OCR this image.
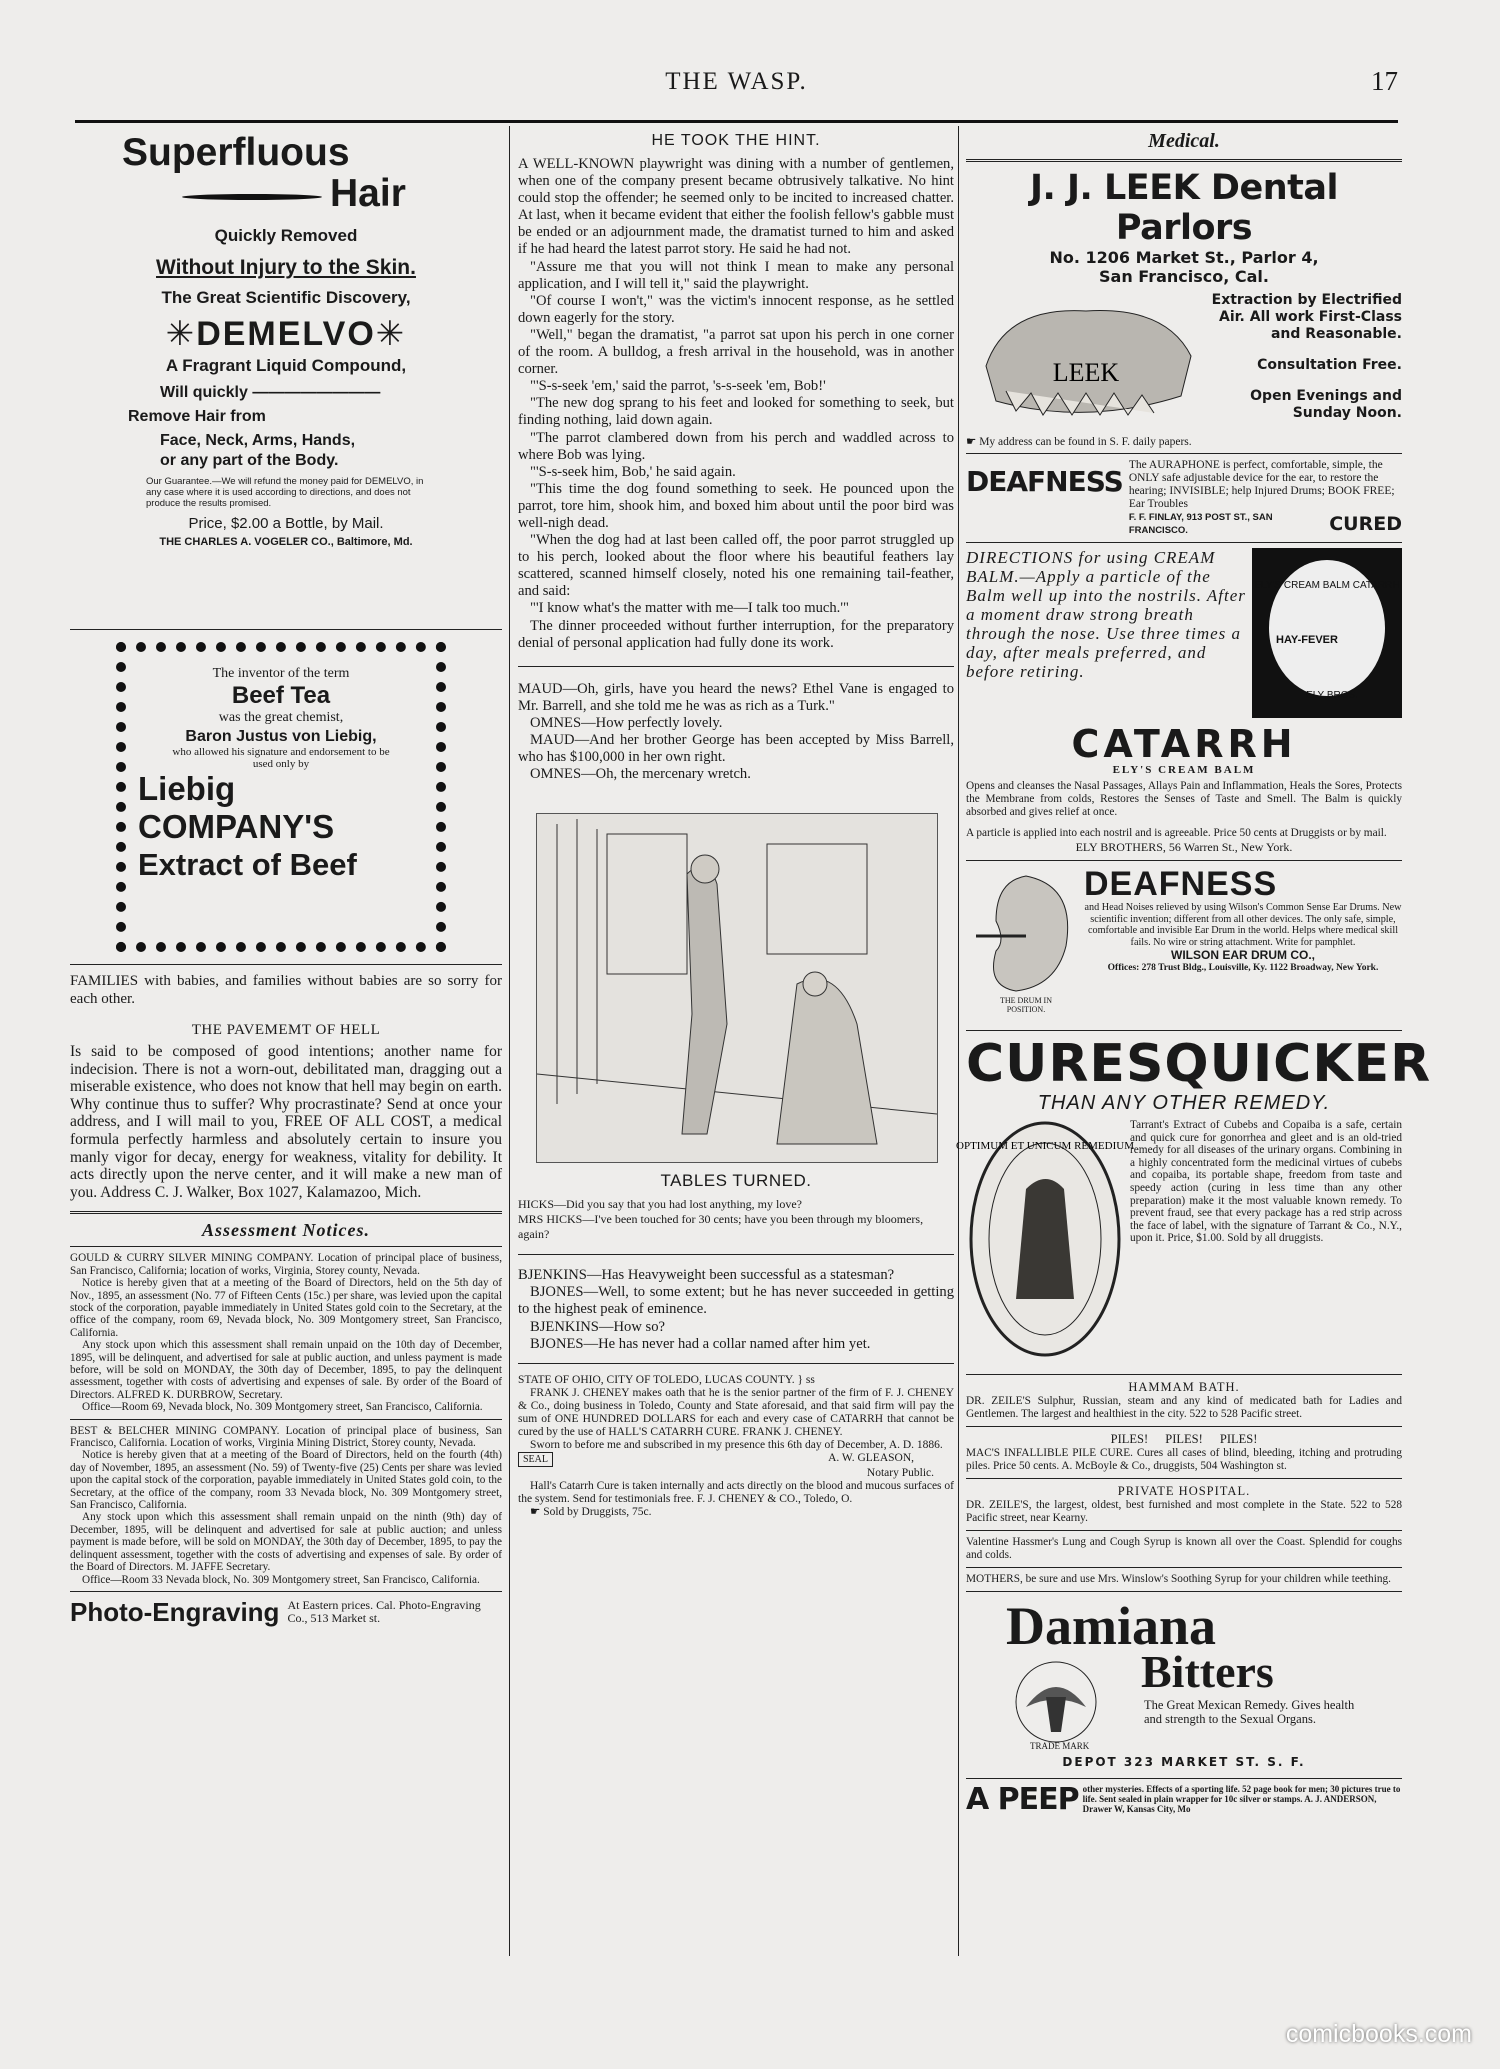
THE WASP.	17
Superfluous
Hair
Quickly Removed
Without Injury to the Skin.
The Great Scientific Discovery,
✳DEMELVO✳
A Fragrant Liquid Compound,
Will quickly ————————
Remove Hair from
Face, Neck, Arms, Hands,
or any part of the Body.
Our Guarantee.—We will refund the money paid for DEMELVO, in any case where it is used according to directions, and does not produce the results promised.
Price, $2.00 a Bottle, by Mail.
THE CHARLES A. VOGELER CO., Baltimore, Md.
The inventor of the term
Beef Tea
was the great chemist,
Baron Justus von Liebig,
who allowed his signature and endorsement to be used only by
Liebig
COMPANY'S
Extract of Beef

FAMILIES with babies, and families without babies are so sorry for each other.

THE PAVEMEMT OF HELL

Is said to be composed of good intentions; another name for indecision. There is not a worn-out, debilitated man, dragging out a miserable existence, who does not know that hell may begin on earth. Why continue thus to suffer? Why procrastinate? Send at once your address, and I will mail to you, FREE OF ALL COST, a medical formula perfectly harmless and absolutely certain to insure you manly vigor for decay, energy for weakness, vitality for debility. It acts directly upon the nerve center, and it will make a new man of you. Address C. J. Walker, Box 1027, Kalamazoo, Mich.

Assessment Notices.

GOULD & CURRY SILVER MINING COMPANY. Location of principal place of business, San Francisco, California; location of works, Virginia, Storey county, Nevada.

Notice is hereby given that at a meeting of the Board of Directors, held on the 5th day of Nov., 1895, an assessment (No. 77 of Fifteen Cents (15c.) per share, was levied upon the capital stock of the corporation, payable immediately in United States gold coin to the Secretary, at the office of the company, room 69, Nevada block, No. 309 Montgomery street, San Francisco, California.

Any stock upon which this assessment shall remain unpaid on the 10th day of December, 1895, will be delinquent, and advertised for sale at public auction, and unless payment is made before, will be sold on MONDAY, the 30th day of December, 1895, to pay the delinquent assessment, together with costs of advertising and expenses of sale. By order of the Board of Directors. ALFRED K. DURBROW, Secretary.

Office—Room 69, Nevada block, No. 309 Montgomery street, San Francisco, California.

BEST & BELCHER MINING COMPANY. Location of principal place of business, San Francisco, California. Location of works, Virginia Mining District, Storey county, Nevada.

Notice is hereby given that at a meeting of the Board of Directors, held on the fourth (4th) day of November, 1895, an assessment (No. 59) of Twenty-five (25) Cents per share was levied upon the capital stock of the corporation, payable immediately in United States gold coin, to the Secretary, at the office of the company, room 33 Nevada block, No. 309 Montgomery street, San Francisco, California.

Any stock upon which this assessment shall remain unpaid on the ninth (9th) day of December, 1895, will be delinquent and advertised for sale at public auction; and unless payment is made before, will be sold on MONDAY, the 30th day of December, 1895, to pay the delinquent assessment, together with the costs of advertising and expenses of sale. By order of the Board of Directors. M. JAFFE Secretary.

Office—Room 33 Nevada block, No. 309 Montgomery street, San Francisco, California.

Photo-Engraving At Eastern prices. Cal. Photo-Engraving Co., 513 Market st.
HE TOOK THE HINT.

A WELL-KNOWN playwright was dining with a number of gentlemen, when one of the company present became obtrusively talkative. No hint could stop the offender; he seemed only to be incited to increased chatter. At last, when it became evident that either the foolish fellow's gabble must be ended or an adjournment made, the dramatist turned to him and asked if he had heard the latest parrot story. He said he had not.

"Assure me that you will not think I mean to make any personal application, and I will tell it," said the playwright.

"Of course I won't," was the victim's innocent response, as he settled down eagerly for the story.

"Well," began the dramatist, "a parrot sat upon his perch in one corner of the room. A bulldog, a fresh arrival in the household, was in another corner.

"'S-s-seek 'em,' said the parrot, 's-s-seek 'em, Bob!'

"The new dog sprang to his feet and looked for something to seek, but finding nothing, laid down again.

"The parrot clambered down from his perch and waddled across to where Bob was lying.

"'S-s-seek him, Bob,' he said again.

"This time the dog found something to seek. He pounced upon the parrot, tore him, shook him, and boxed him about until the poor bird was well-nigh dead.

"When the dog had at last been called off, the poor parrot struggled up to his perch, looked about the floor where his beautiful feathers lay scattered, scanned himself closely, noted his one remaining tail-feather, and said:

"'I know what's the matter with me—I talk too much.'"

The dinner proceeded without further interruption, for the preparatory denial of personal application had fully done its work.

MAUD—Oh, girls, have you heard the news? Ethel Vane is engaged to Mr. Barrell, and she told me he was as rich as a Turk."

OMNES—How perfectly lovely.

MAUD—And her brother George has been accepted by Miss Barrell, who has $100,000 in her own right.

OMNES—Oh, the mercenary wretch.

TABLES TURNED.

HICKS—Did you say that you had lost anything, my love?

MRS HICKS—I've been touched for 30 cents; have you been through my bloomers, again?

BJENKINS—Has Heavyweight been successful as a statesman?

BJONES—Well, to some extent; but he has never succeeded in getting to the highest peak of eminence.

BJENKINS—How so?

BJONES—He has never had a collar named after him yet.

STATE OF OHIO, CITY OF TOLEDO, LUCAS COUNTY. } ss

FRANK J. CHENEY makes oath that he is the senior partner of the firm of F. J. CHENEY & Co., doing business in Toledo, County and State aforesaid, and that said firm will pay the sum of ONE HUNDRED DOLLARS for each and every case of CATARRH that cannot be cured by the use of HALL'S CATARRH CURE. FRANK J. CHENEY.

Sworn to before me and subscribed in my presence this 6th day of December, A. D. 1886.

SEAL	A. W. GLEASON,

Notary Public.

Hall's Catarrh Cure is taken internally and acts directly on the blood and mucous surfaces of the system. Send for testimonials free. F. J. CHENEY & CO., Toledo, O.

☛ Sold by Druggists, 75c.

Medical.
J. J. LEEK Dental Parlors
No. 1206 Market St., Parlor 4,
San Francisco, Cal.
LEEK

Extraction by Electrified Air. All work First-Class and Reasonable.

Consultation Free.

Open Evenings and Sunday Noon.

☛ My address can be found in S. F. daily papers.

DEAFNESS The AURAPHONE is perfect, comfortable, simple, the ONLY safe adjustable device for the ear, to restore the hearing; INVISIBLE; help Injured Drums; BOOK FREE; Ear Troubles
F. F. FINLAY, 913 POST ST., SAN FRANCISCO.	CURED
DIRECTIONS for using CREAM BALM.—Apply a particle of the Balm well up into the nostrils. After a moment draw strong breath through the nose. Use three times a day, after meals preferred, and before retiring.
ELY'S CREAM BALM CATARRH
HAY-FEVER
ELY BROS.
CATARRH
ELY'S CREAM BALM

Opens and cleanses the Nasal Passages, Allays Pain and Inflammation, Heals the Sores, Protects the Membrane from colds, Restores the Senses of Taste and Smell. The Balm is quickly absorbed and gives relief at once.

A particle is applied into each nostril and is agreeable. Price 50 cents at Druggists or by mail.

ELY BROTHERS, 56 Warren St., New York.

THE DRUM IN POSITION.
DEAFNESS

and Head Noises relieved by using Wilson's Common Sense Ear Drums. New scientific invention; different from all other devices. The only safe, simple, comfortable and invisible Ear Drum in the world. Helps where medical skill fails. No wire or string attachment. Write for pamphlet.

WILSON EAR DRUM CO.,

Offices: 278 Trust Bldg., Louisville, Ky. 1122 Broadway, New York.

CURES QUICKER
THAN ANY OTHER REMEDY.
OPTIMUM ET UNICUM REMEDIUM

Tarrant's Extract of Cubebs and Copaiba is a safe, certain and quick cure for gonorrhea and gleet and is an old-tried remedy for all diseases of the urinary organs. Combining in a highly concentrated form the medicinal virtues of cubebs and copaiba, its portable shape, freedom from taste and speedy action (curing in less time than any other preparation) make it the most valuable known remedy. To prevent fraud, see that every package has a red strip across the face of label, with the signature of Tarrant & Co., N.Y., upon it. Price, $1.00. Sold by all druggists.

HAMMAM BATH.

DR. ZEILE'S Sulphur, Russian, steam and any kind of medicated bath for Ladies and Gentlemen. The largest and healthiest in the city. 522 to 528 Pacific street.

PILES! PILES! PILES!

MAC'S INFALLIBLE PILE CURE. Cures all cases of blind, bleeding, itching and protruding piles. Price 50 cents. A. McBoyle & Co., druggists, 504 Washington st.

PRIVATE HOSPITAL.

DR. ZEILE'S, the largest, oldest, best furnished and most complete in the State. 522 to 528 Pacific street, near Kearny.

Valentine Hassmer's Lung and Cough Syrup is known all over the Coast. Splendid for coughs and colds.

MOTHERS, be sure and use Mrs. Winslow's Soothing Syrup for your children while teething.

Damiana
Bitters
TRADE MARK

The Great Mexican Remedy. Gives health and strength to the Sexual Organs.

DEPOT 323 MARKET ST. S. F.
A PEEP other mysteries. Effects of a sporting life. 52 page book for men; 30 pictures true to life. Sent sealed in plain wrapper for 10c silver or stamps. A. J. ANDERSON, Drawer W, Kansas City, Mo

comicbooks.com
